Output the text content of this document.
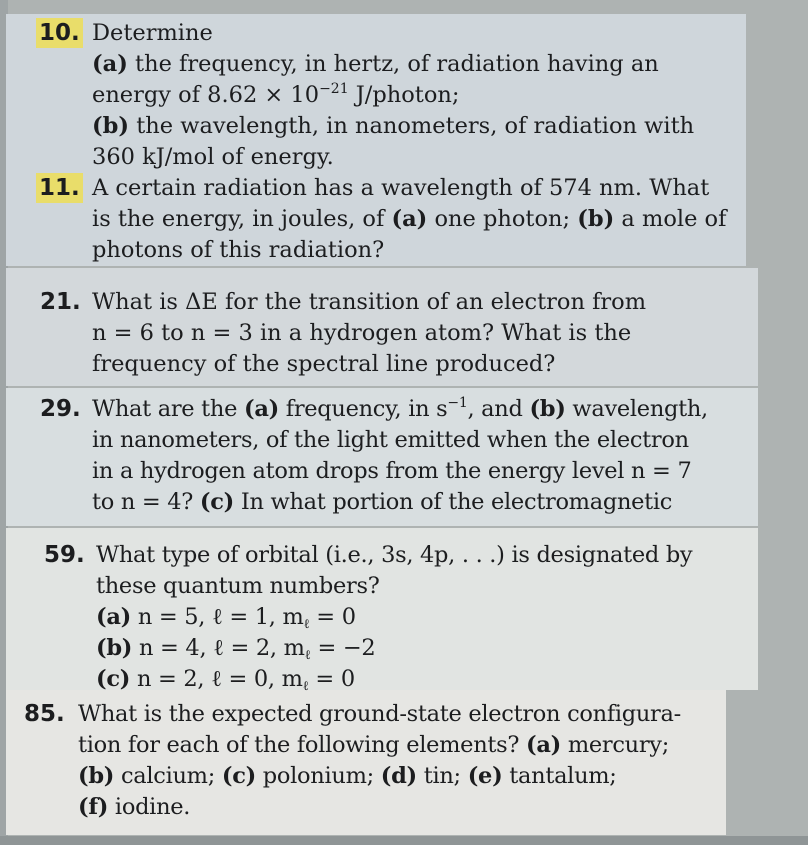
10. Determine
(a) the frequency, in hertz, of radiation having an
energy of $8.62 \times 10^{-21}$ J/photon;
(b) the wavelength, in nanometers, of radiation with
360 kJ/mol of energy.
11. A certain radiation has a wavelength of 574 nm. What
is the energy, in joules, of (a) one photon; (b) a mole of
photons of this radiation?
21. What is ΔE for the transition of an electron from
n = 6 to n = 3 in a hydrogen atom? What is the
frequency of the spectral line produced?
29. What are the (a) frequency, in $s^{-1}$, and (b) wavelength,
in nanometers, of the light emitted when the electron
in a hydrogen atom drops from the energy level n = 7
to n = 4? (c) In what portion of the electromagnetic
59. What type of orbital (i.e., 3s, 4p, . . .) is designated by
these quantum numbers?
(a) n = 5, ℓ = 1, $m_\ell = 0$
(b) n = 4, ℓ = 2, $m_\ell = -2$
(c) n = 2, ℓ = 0, $m_\ell = 0$
85. What is the expected ground-state electron configura-
tion for each of the following elements? (a) mercury;
(b) calcium; (c) polonium; (d) tin; (e) tantalum;
(f) iodine.
